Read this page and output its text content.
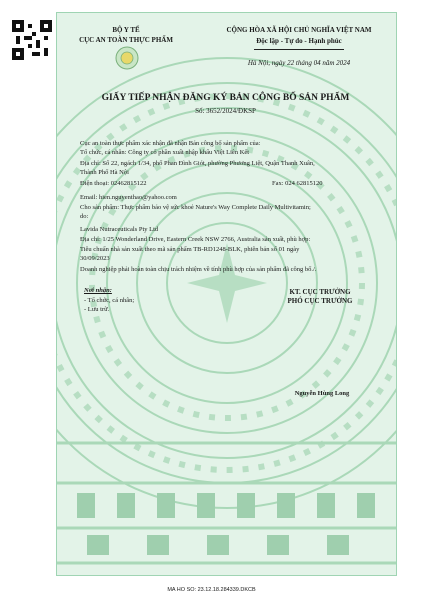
BỘ Y TẾ
CỤC AN TOÀN THỰC PHẨM
CỘNG HÒA XÃ HỘI CHỦ NGHĨA VIỆT NAM
Độc lập - Tự do - Hạnh phúc
Hà Nội, ngày 22 tháng 04 năm 2024
GIẤY TIẾP NHẬN ĐĂNG KÝ BẢN CÔNG BỐ SẢN PHẨM
Số: 3652/2024/ĐKSP
Cục an toàn thực phẩm xác nhận đã nhận Bản công bố sản phẩm của:
Tổ chức, cá nhân: Công ty cổ phần xuất nhập khẩu Việt Liên Kết
Địa chỉ: Số 22, ngách 1/34, phố Phan Đình Giót, phường Phương Liệt, Quận Thanh Xuân,
Thành Phố Hà Nội
Điện thoại: 02462815122	Fax: 024 62815120
Email: hien.nguyenthao@yahoo.com
Cho sản phẩm: Thực phẩm bảo vệ sức khoẻ Nature's Way Complete Daily Multivitamin;
do:
Lavida Nutraceuticals Pty Ltd
Địa chỉ: 1/25 Wonderland Drive, Eastern Creek NSW 2766, Australia sản xuất, phù hợp:
Tiêu chuẩn nhà sản xuất theo mã sản phẩm TB-RD1248-BLK, phiên bản số 01 ngày
30/09/2023
Doanh nghiệp phải hoàn toàn chịu trách nhiệm về tính phù hợp của sản phẩm đã công bố./.
Nơi nhận:
- Tổ chức, cá nhân;
- Lưu trữ.
KT. CỤC TRƯỞNG
PHÓ CỤC TRƯỞNG
Nguyễn Hùng Long
MA HO SO: 23.12.18.284339.DKCB
